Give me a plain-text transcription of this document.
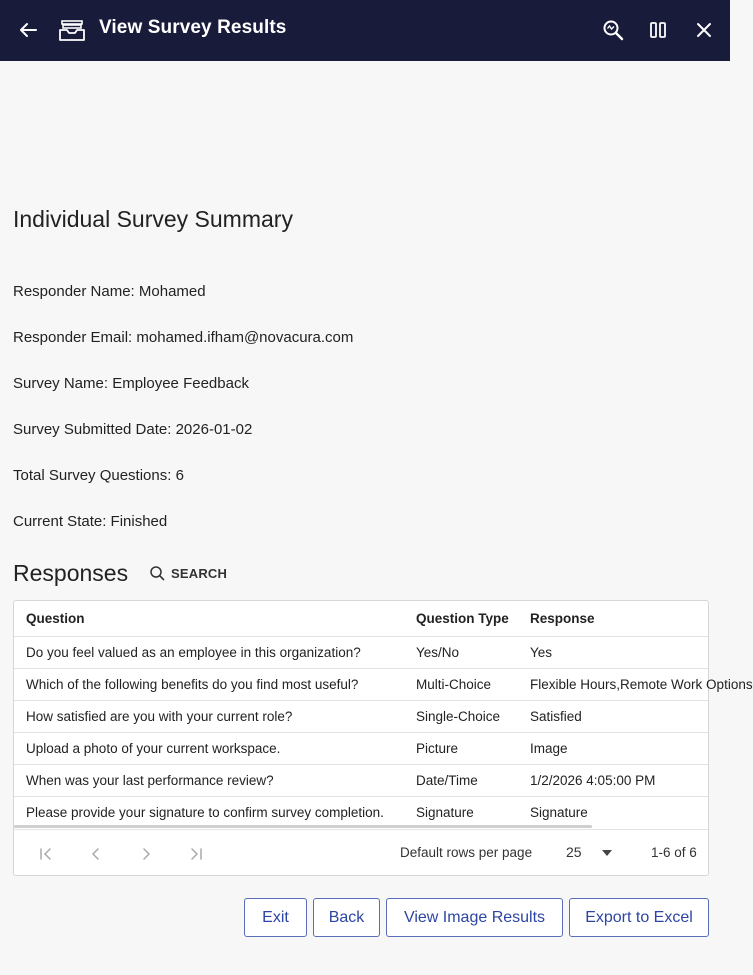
View Survey Results
Individual Survey Summary
Responder Name: Mohamed
Responder Email: mohamed.ifham@novacura.com
Survey Name: Employee Feedback
Survey Submitted Date: 2026-01-02
Total Survey Questions: 6
Current State: Finished
Responses	SEARCH
Question	Question Type	Response
Do you feel valued as an employee in this organization?	Yes/No	Yes
Which of the following benefits do you find most useful?	Multi-Choice	Flexible Hours,Remote Work Options
How satisfied are you with your current role?	Single-Choice	Satisfied
Upload a photo of your current workspace.	Picture	Image
When was your last performance review?	Date/Time	1/2/2026 4:05:00 PM
Please provide your signature to confirm survey completion.	Signature	Signature
Default rows per page 25	1-6 of 6
Exit	Back	View Image Results	Export to Excel
